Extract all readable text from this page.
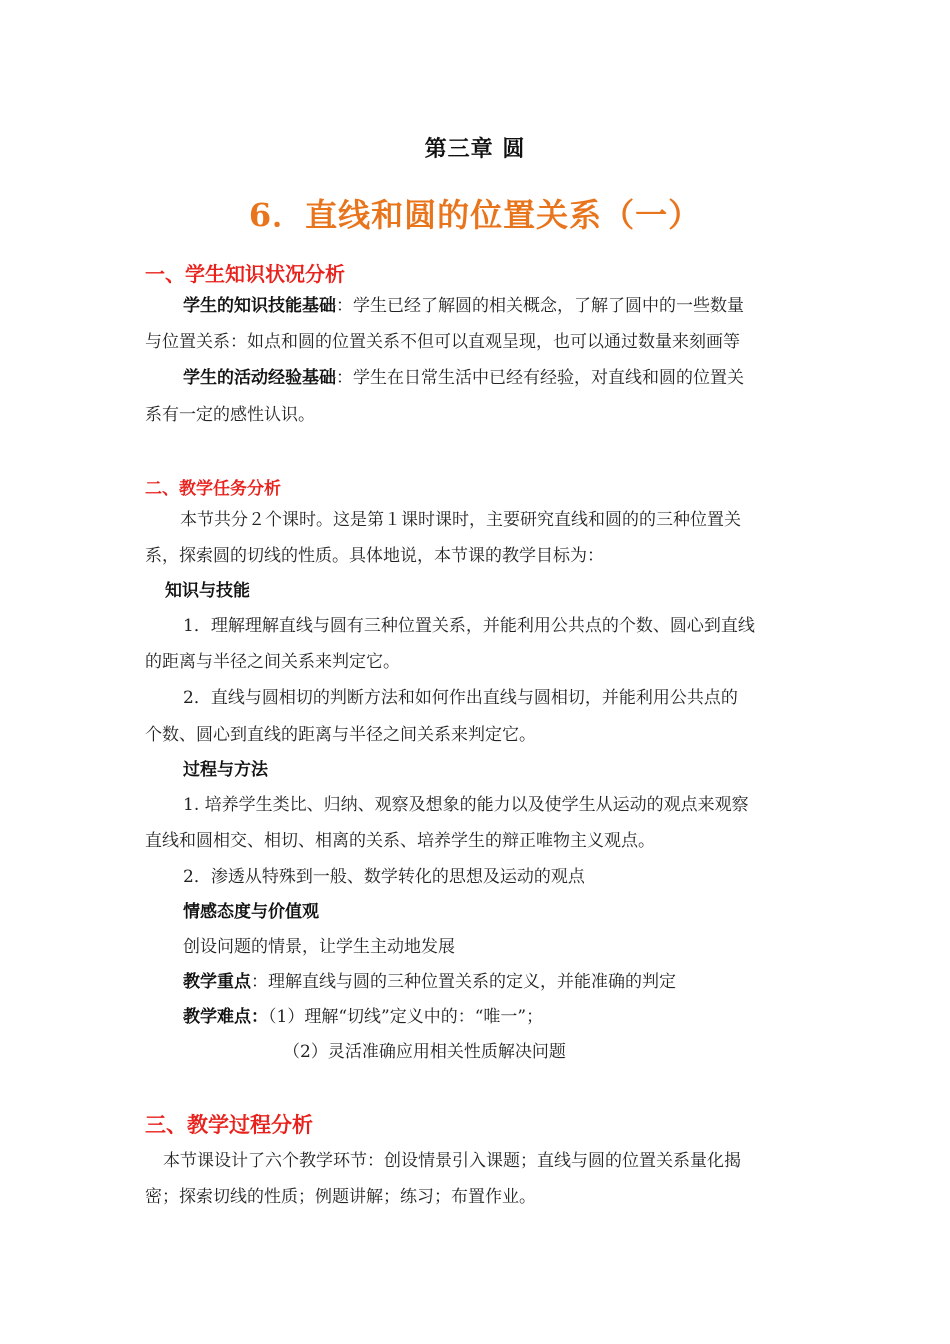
第三章 圆
6．直线和圆的位置关系（一）
一、学生知识状况分析
学生的知识技能基础：学生已经了解圆的相关概念，了解了圆中的一些数量
与位置关系：如点和圆的位置关系不但可以直观呈现，也可以通过数量来刻画等
学生的活动经验基础：学生在日常生活中已经有经验，对直线和圆的位置关
系有一定的感性认识。
二、教学任务分析
本节共分２个课时。这是第１课时课时，主要研究直线和圆的的三种位置关
系，探索圆的切线的性质。具体地说，本节课的教学目标为：
知识与技能
1．理解理解直线与圆有三种位置关系，并能利用公共点的个数、圆心到直线
的距离与半径之间关系来判定它。
2．直线与圆相切的判断方法和如何作出直线与圆相切，并能利用公共点的
个数、圆心到直线的距离与半径之间关系来判定它。
过程与方法
1. 培养学生类比、归纳、观察及想象的能力以及使学生从运动的观点来观察
直线和圆相交、相切、相离的关系、培养学生的辩正唯物主义观点。
2．渗透从特殊到一般、数学转化的思想及运动的观点
情感态度与价值观
创设问题的情景，让学生主动地发展
教学重点：理解直线与圆的三种位置关系的定义，并能准确的判定
教学难点：（1）理解“切线”定义中的：“唯一”；
（2）灵活准确应用相关性质解决问题
三、教学过程分析
本节课设计了六个教学环节：创设情景引入课题；直线与圆的位置关系量化揭
密；探索切线的性质；例题讲解；练习；布置作业。
